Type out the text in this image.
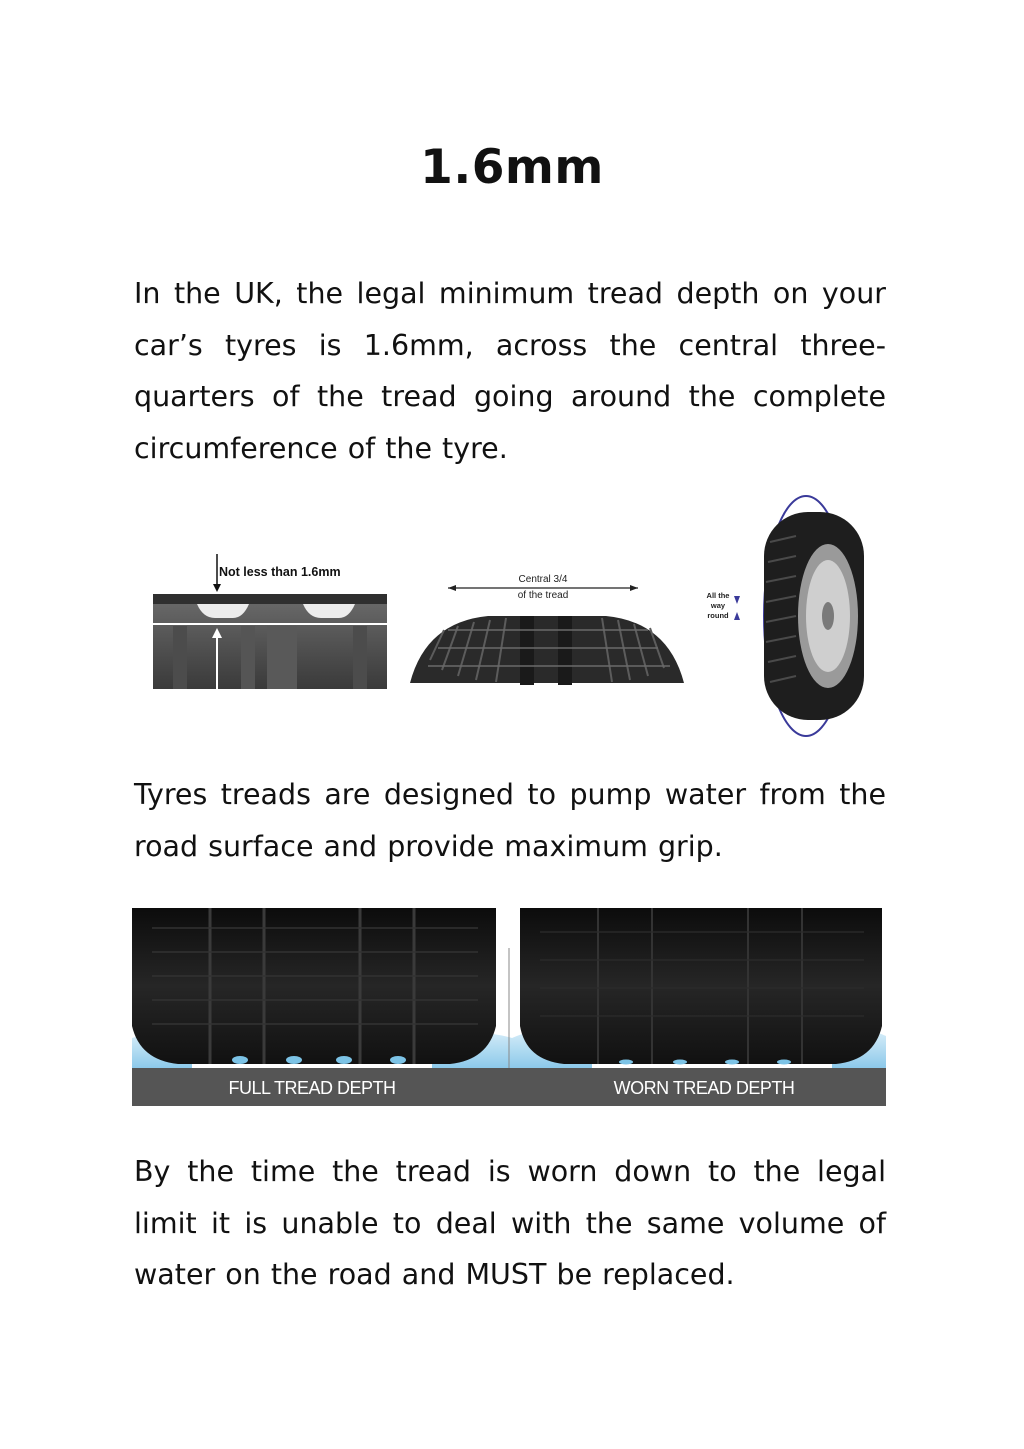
1.6mm

In the UK, the legal minimum tread depth on your car’s tyres is 1.6mm, across the central three-quarters of the tread going around the complete circumference of the tyre.

Not less than 1.6mm
Central 3/4
of the tread	All the
way
round

Tyres treads are designed to pump water from the road surface and provide maximum grip.

FULL TREAD DEPTH	WORN TREAD DEPTH

By the time the tread is worn down to the legal limit it is unable to deal with the same volume of water on the road and MUST be replaced.
